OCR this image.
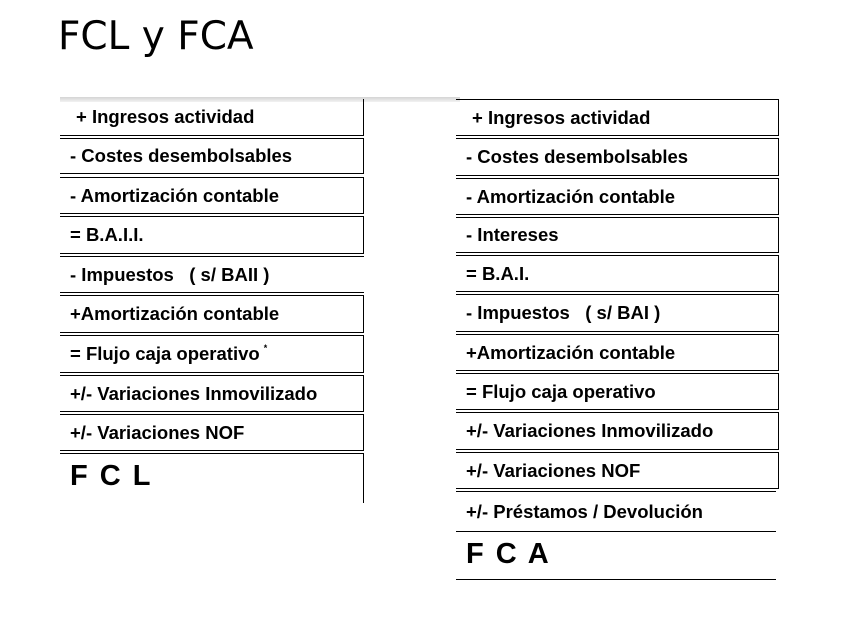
FCL y FCA
+ Ingresos actividad
- Costes desembolsables
- Amortización contable
= B.A.I.I.
- Impuestos   ( s/ BAII )
+Amortización contable
= Flujo caja operativo *
+/- Variaciones Inmovilizado
+/- Variaciones NOF
F C L
+ Ingresos actividad
- Costes desembolsables
- Amortización contable
- Intereses
= B.A.I.
- Impuestos   ( s/ BAI )
+Amortización contable
= Flujo caja operativo
+/- Variaciones Inmovilizado
+/- Variaciones NOF
+/- Préstamos / Devolución
F C A
